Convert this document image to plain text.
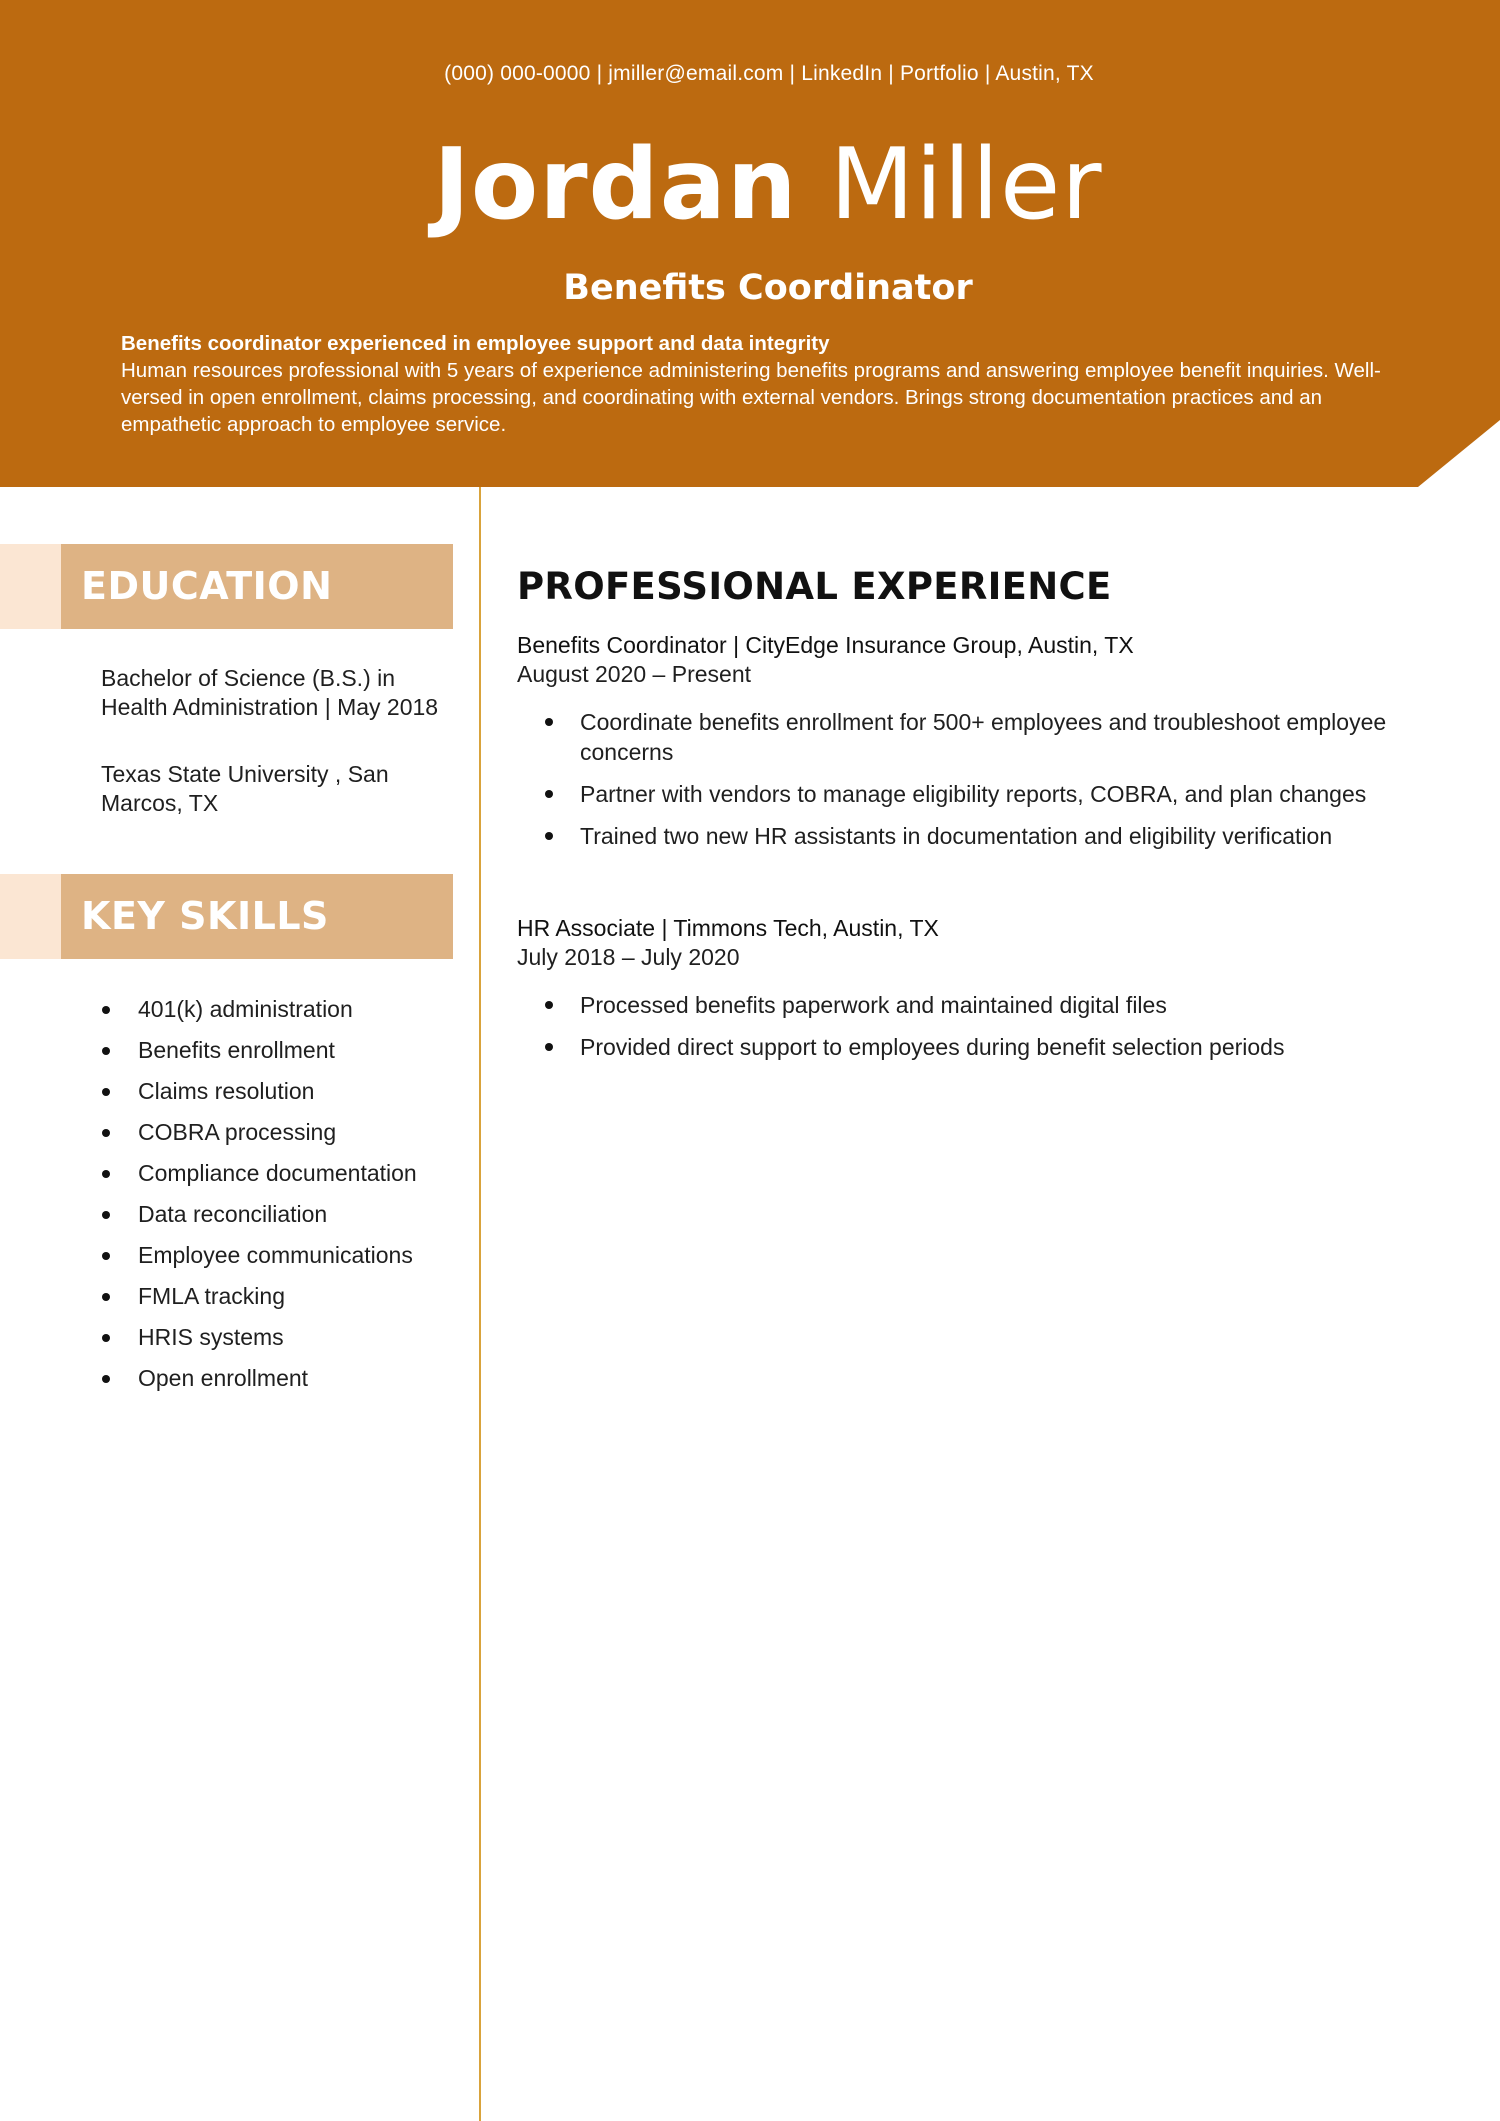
(000) 000-0000 | jmiller@email.com | LinkedIn | Portfolio | Austin, TX
Jordan Miller
Benefits Coordinator
Benefits coordinator experienced in employee support and data integrity
Human resources professional with 5 years of experience administering benefits programs and answering employee benefit inquiries. Well-versed in open enrollment, claims processing, and coordinating with external vendors. Brings strong documentation practices and an empathetic approach to employee service.
EDUCATION
Bachelor of Science (B.S.) in Health Administration | May 2018
Texas State University , San Marcos, TX
KEY SKILLS
401(k) administration
Benefits enrollment
Claims resolution
COBRA processing
Compliance documentation
Data reconciliation
Employee communications
FMLA tracking
HRIS systems
Open enrollment
PROFESSIONAL EXPERIENCE
Benefits Coordinator | CityEdge Insurance Group, Austin, TX
August 2020 – Present
Coordinate benefits enrollment for 500+ employees and troubleshoot employee concerns
Partner with vendors to manage eligibility reports, COBRA, and plan changes
Trained two new HR assistants in documentation and eligibility verification
HR Associate | Timmons Tech, Austin, TX
July 2018 – July 2020
Processed benefits paperwork and maintained digital files
Provided direct support to employees during benefit selection periods
